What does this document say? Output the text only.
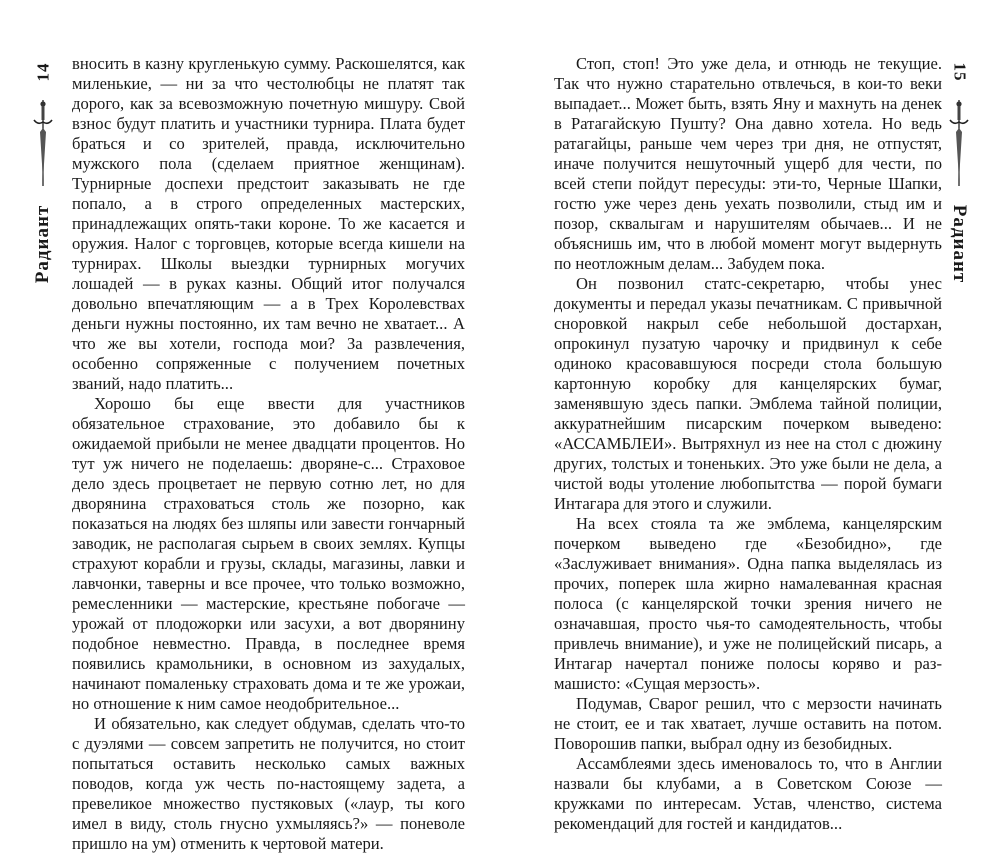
14
Радиант

вносить в казну кругленькую сумму. Раскошелятся, как миленькие, — ни за что честолюбцы не платят так дорого, как за всевозможную почетную мишуру. Свой взнос будут платить и участники турнира. Плата будет браться и со зрителей, правда, исключительно мужского пола (сделаем приятное женщинам). Турнирные доспехи предстоит заказывать не где попало, а в строго определенных мастерских, принадлежащих опять-таки короне. То же касается и оружия. Налог с торговцев, которые всегда кишели на турнирах. Школы выездки турнирных могучих лошадей — в руках казны. Общий итог получался довольно впечатляющим — а в Трех Королевствах деньги нужны постоянно, их там вечно не хватает... А что же вы хотели, господа мои? За развлечения, особенно сопряженные с получением почетных званий, надо платить...

Хорошо бы еще ввести для участников обязательное страхование, это добавило бы к ожидаемой прибыли не менее двадцати процентов. Но тут уж ничего не поделаешь: дворяне-с... Страховое дело здесь процветает не первую сотню лет, но для дворянина страховаться столь же позорно, как показаться на людях без шляпы или завести гончарный заводик, не располагая сырьем в своих землях. Купцы страхуют корабли и грузы, склады, магазины, лавки и лавчонки, таверны и все прочее, что только возможно, ремесленники — мастерские, крестьяне побогаче — урожай от плодожорки или засухи, а вот дворянину подобное невместно. Правда, в последнее время появились крамольники, в основном из захудалых, начинают помаленьку страховать дома и те же урожаи, но отношение к ним самое неодобрительное...

И обязательно, как следует обдумав, сделать что-то с дуэлями — совсем запретить не получится, но стоит попытаться оставить несколько самых важных поводов, когда уж честь по-настоящему задета, а превеликое множество пустяковых («лаур, ты кого имел в виду, столь гнусно ухмыляясь?» — поневоле пришло на ум) отменить к чертовой матери.

Стоп, стоп! Это уже дела, и отнюдь не текущие. Так что нужно старательно отвлечься, в кои-то веки выпадает... Может быть, взять Яну и махнуть на денек в Ратагайскую Пушту? Она давно хотела. Но ведь ратагайцы, раньше чем через три дня, не отпустят, иначе получится нешуточный ущерб для чести, по всей степи пойдут пересуды: эти-то, Черные Шапки, гостю уже через день уехать позволили, стыд им и позор, сквалыгам и нарушителям обычаев... И не объяснишь им, что в любой момент могут выдернуть по неотложным делам... Забудем пока.

Он позвонил статс-секретарю, чтобы унес документы и передал указы печатникам. С привычной сноровкой накрыл себе небольшой достархан, опрокинул пузатую чарочку и придвинул к себе одиноко красовавшуюся посреди стола большую картонную коробку для канцелярских бумаг, заменявшую здесь папки. Эмблема тайной полиции, аккуратнейшим писарским почерком выведено: «АССАМБЛЕИ». Вытряхнул из нее на стол с дюжину других, толстых и тоненьких. Это уже были не дела, а чистой воды утоление любопытства — порой бумаги Интагара для этого и служили.

На всех стояла та же эмблема, канцелярским почерком выведено где «Безобидно», где «Заслуживает внимания». Одна папка выделялась из прочих, поперек шла жирно намалеванная красная полоса (с канцелярской точки зрения ничего не означавшая, просто чья-то самодеятельность, чтобы привлечь внимание), и уже не полицейский писарь, а Интагар начертал пониже полосы коряво и размашисто: «Сущая мерзость».

Подумав, Сварог решил, что с мерзости начинать не стоит, ее и так хватает, лучше оставить на потом. Поворошив папки, выбрал одну из безобидных.

Ассамблеями здесь именовалось то, что в Англии назвали бы клубами, а в Советском Союзе — кружками по интересам. Устав, членство, система рекомендаций для гостей и кандидатов...

15
Радиант
